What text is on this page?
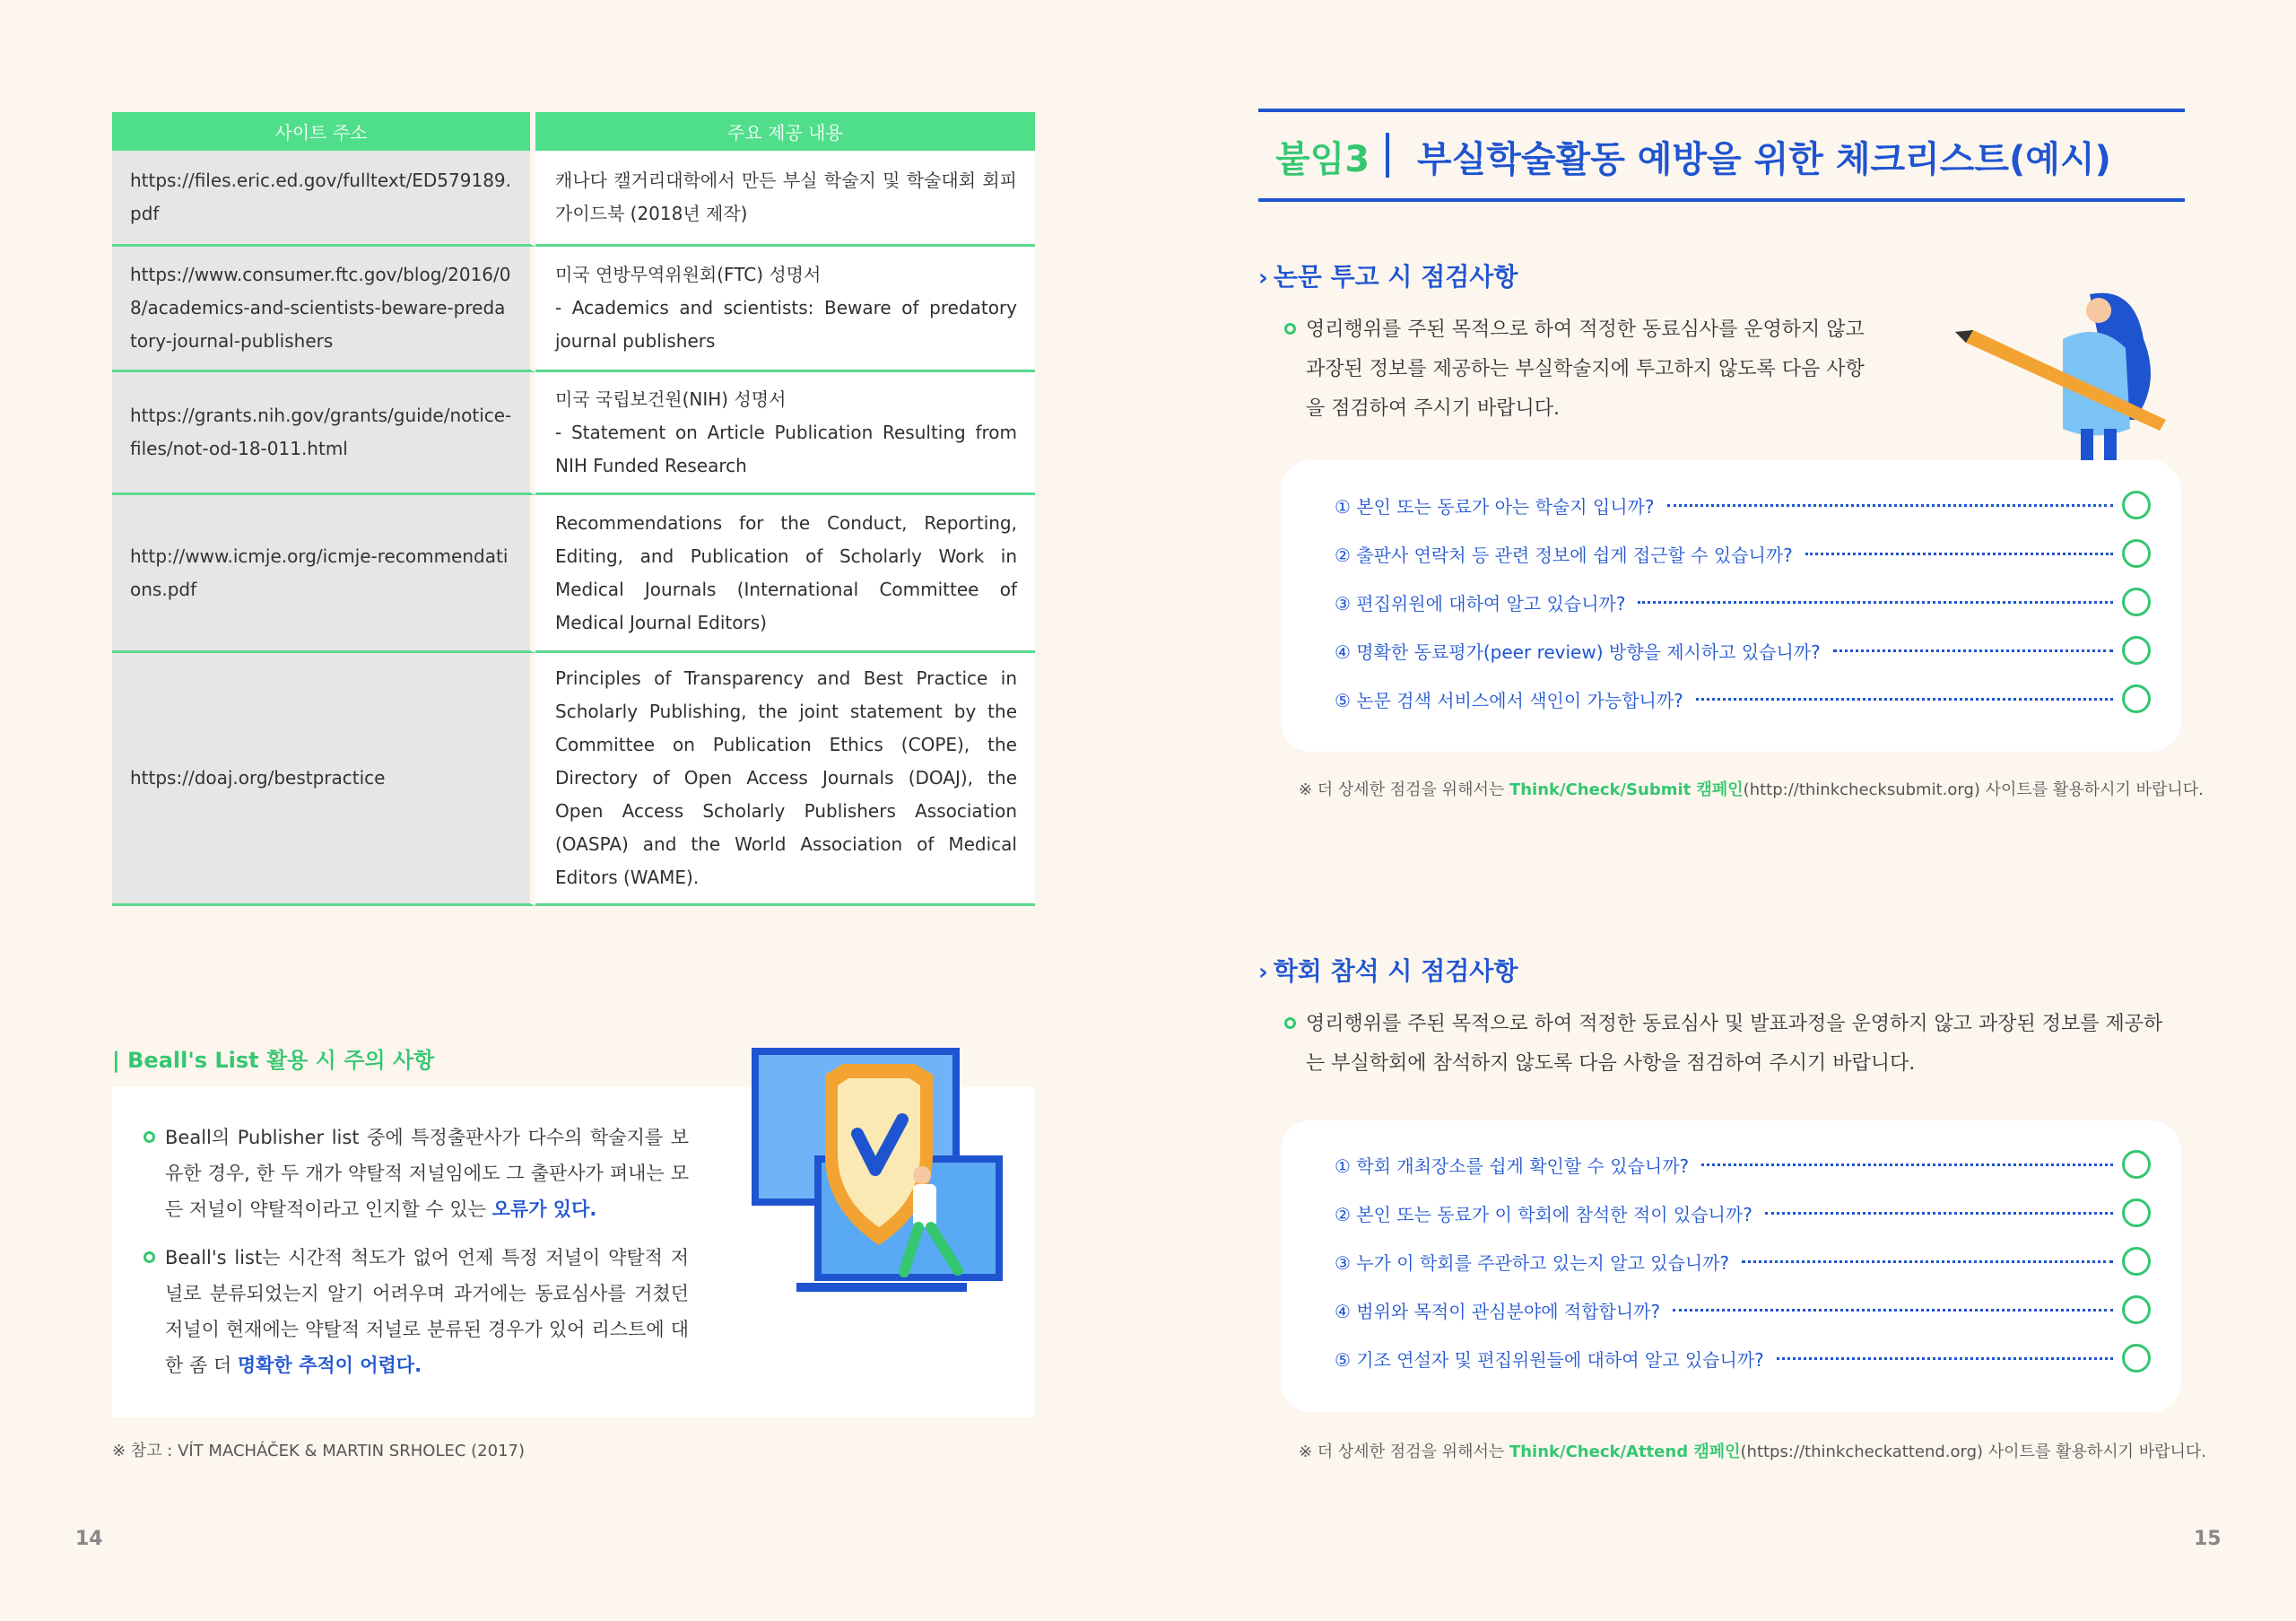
사이트 주소	주요 제공 내용
https://files.eric.ed.gov/fulltext/ED579189.pdf	캐나다 캘거리대학에서 만든 부실 학술지 및 학술대회 회피 가이드북 (2018년 제작)

https://www.consumer.ftc.gov/blog/2016/08/academics-and-scientists-beware-predatory-journal-publishers	미국 연방무역위원회(FTC) 성명서
- Academics and scientists: Beware of predatory journal publishers

https://grants.nih.gov/grants/guide/notice-files/not-od-18-011.html	미국 국립보건원(NIH) 성명서
- Statement on Article Publication Resulting from NIH Funded Research

http://www.icmje.org/icmje-recommendations.pdf	Recommendations for the Conduct, Reporting, Editing, and Publication of Scholarly Work in Medical Journals (International Committee of Medical Journal Editors)

https://doaj.org/bestpractice	Principles of Transparency and Best Practice in Scholarly Publishing, the joint statement by the Committee on Publication Ethics (COPE), the Directory of Open Access Journals (DOAJ), the Open Access Scholarly Publishers Association (OASPA) and the World Association of Medical Editors (WAME).
| Beall's List 활용 시 주의 사항
Beall의 Publisher list 중에 특정출판사가 다수의 학술지를 보유한 경우, 한 두 개가 약탈적 저널임에도 그 출판사가 펴내는 모든 저널이 약탈적이라고 인지할 수 있는 오류가 있다.
Beall's list는 시간적 척도가 없어 언제 특정 저널이 약탈적 저널로 분류되었는지 알기 어려우며 과거에는 동료심사를 거쳤던 저널이 현재에는 약탈적 저널로 분류된 경우가 있어 리스트에 대한 좀 더 명확한 추적이 어렵다.
※ 참고 : VÍT MACHÁČEK & MARTIN SRHOLEC (2017)
14
붙임3 부실학술활동 예방을 위한 체크리스트(예시)
› 논문 투고 시 점검사항
영리행위를 주된 목적으로 하여 적정한 동료심사를 운영하지 않고 과장된 정보를 제공하는 부실학술지에 투고하지 않도록 다음 사항을 점검하여 주시기 바랍니다.
① 본인 또는 동료가 아는 학술지 입니까?
② 출판사 연락처 등 관련 정보에 쉽게 접근할 수 있습니까?
③ 편집위원에 대하여 알고 있습니까?
④ 명확한 동료평가(peer review) 방향을 제시하고 있습니까?
⑤ 논문 검색 서비스에서 색인이 가능합니까?
※ 더 상세한 점검을 위해서는 Think/Check/Submit 캠페인(http://thinkchecksubmit.org) 사이트를 활용하시기 바랍니다.
› 학회 참석 시 점검사항
영리행위를 주된 목적으로 하여 적정한 동료심사 및 발표과정을 운영하지 않고 과장된 정보를 제공하는 부실학회에 참석하지 않도록 다음 사항을 점검하여 주시기 바랍니다.
① 학회 개최장소를 쉽게 확인할 수 있습니까?
② 본인 또는 동료가 이 학회에 참석한 적이 있습니까?
③ 누가 이 학회를 주관하고 있는지 알고 있습니까?
④ 범위와 목적이 관심분야에 적합합니까?
⑤ 기조 연설자 및 편집위원들에 대하여 알고 있습니까?
※ 더 상세한 점검을 위해서는 Think/Check/Attend 캠페인(https://thinkcheckattend.org) 사이트를 활용하시기 바랍니다.
15
